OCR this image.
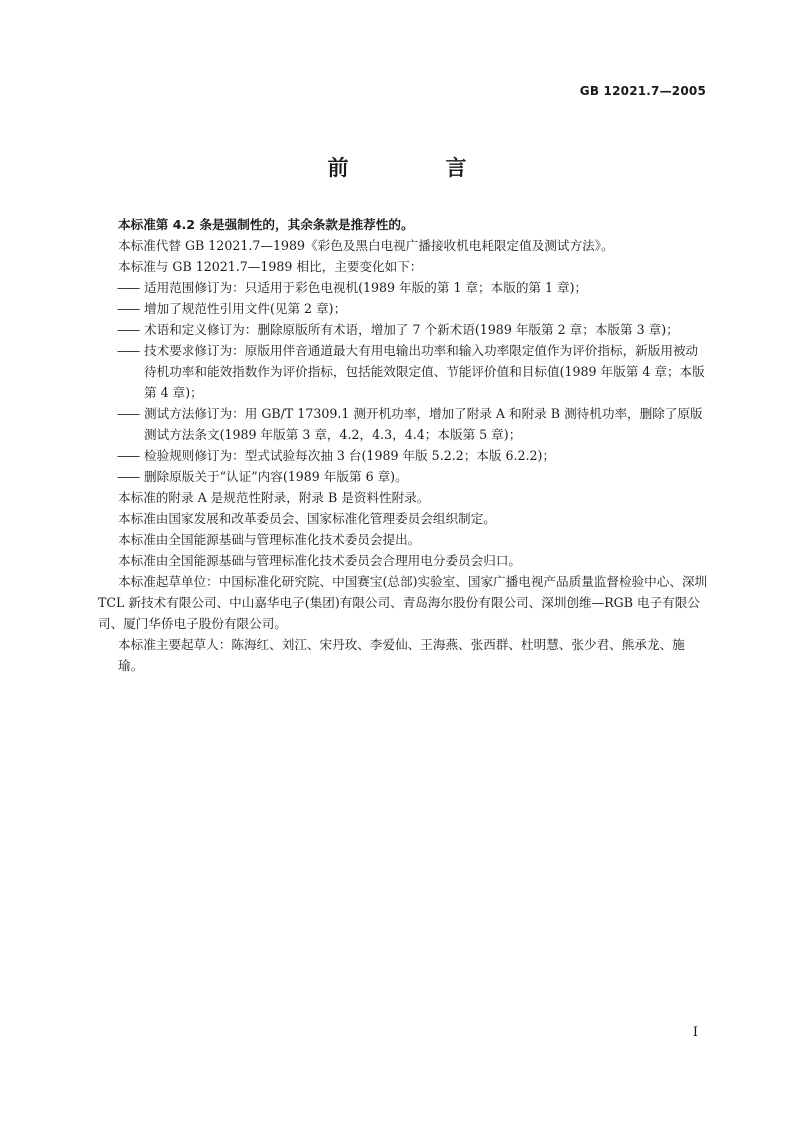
GB 12021.7—2005
前　言

本标准第 4.2 条是强制性的，其余条款是推荐性的。

本标准代替 GB 12021.7—1989《彩色及黑白电视广播接收机电耗限定值及测试方法》。

本标准与 GB 12021.7—1989 相比，主要变化如下：

—— 适用范围修订为：只适用于彩色电视机(1989 年版的第 1 章；本版的第 1 章)；
—— 增加了规范性引用文件(见第 2 章)；
—— 术语和定义修订为：删除原版所有术语，增加了 7 个新术语(1989 年版第 2 章；本版第 3 章)；
—— 技术要求修订为：原版用伴音通道最大有用电输出功率和输入功率限定值作为评价指标，新版用被动待机功率和能效指数作为评价指标，包括能效限定值、节能评价值和目标值(1989 年版第 4 章；本版第 4 章)；
—— 测试方法修订为：用 GB/T 17309.1 测开机功率，增加了附录 A 和附录 B 测待机功率，删除了原版测试方法条文(1989 年版第 3 章，4.2，4.3，4.4；本版第 5 章)；
—— 检验规则修订为：型式试验每次抽 3 台(1989 年版 5.2.2；本版 6.2.2)；
—— 删除原版关于“认证”内容(1989 年版第 6 章)。

本标准的附录 A 是规范性附录，附录 B 是资料性附录。

本标准由国家发展和改革委员会、国家标准化管理委员会组织制定。

本标准由全国能源基础与管理标准化技术委员会提出。

本标准由全国能源基础与管理标准化技术委员会合理用电分委员会归口。

本标准起草单位：中国标准化研究院、中国赛宝(总部)实验室、国家广播电视产品质量监督检验中心、深圳 TCL 新技术有限公司、中山嘉华电子(集团)有限公司、青岛海尔股份有限公司、深圳创维—RGB 电子有限公司、厦门华侨电子股份有限公司。

本标准主要起草人：陈海红、刘江、宋丹玫、李爱仙、王海燕、张西群、杜明慧、张少君、熊承龙、施瑜。

I
